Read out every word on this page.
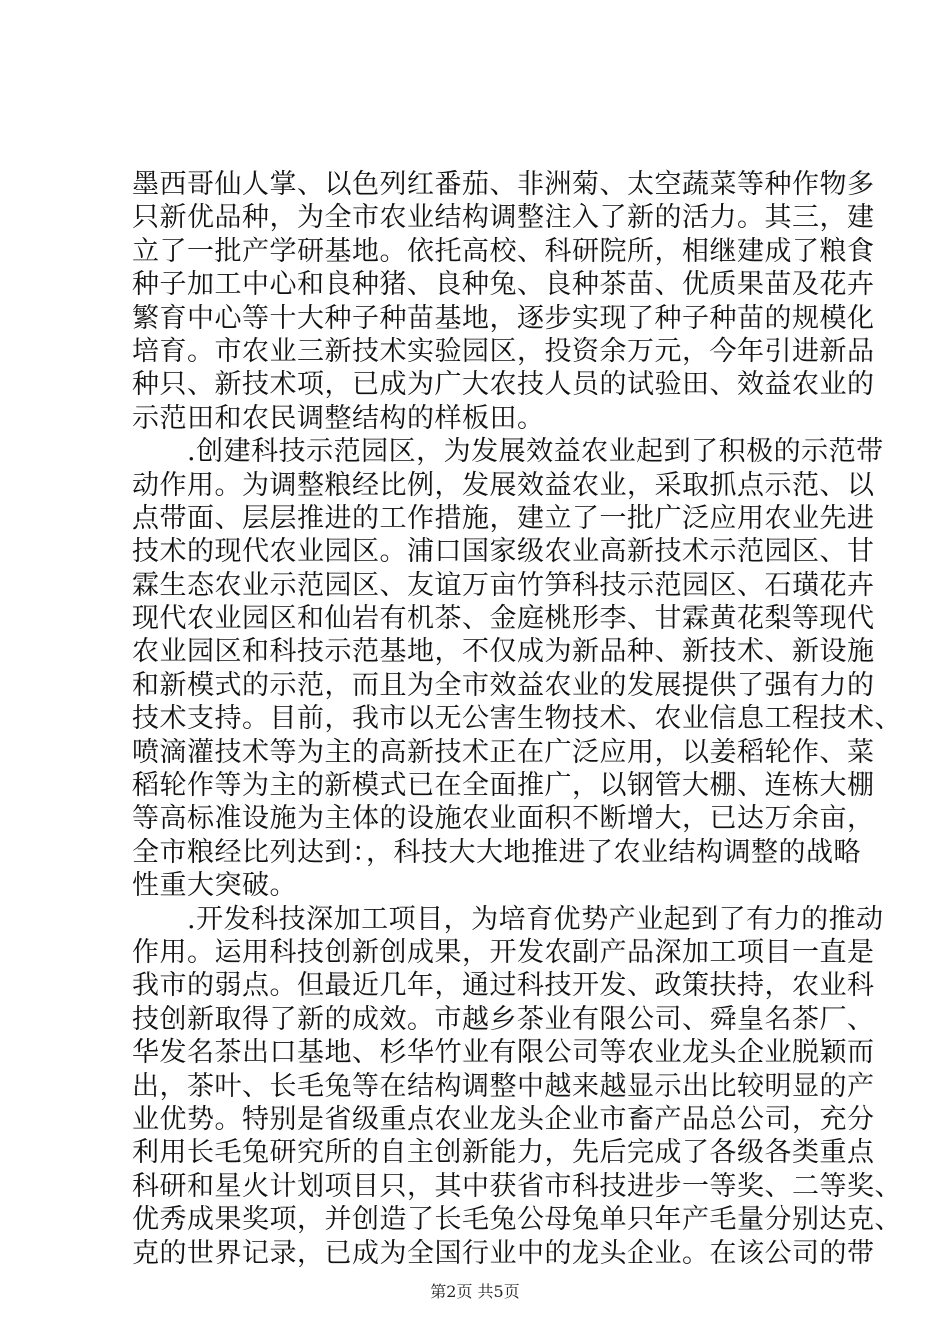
墨西哥仙人掌、以色列红番茄、非洲菊、太空蔬菜等种作物多
只新优品种，为全市农业结构调整注入了新的活力。其三，建
立了一批产学研基地。依托高校、科研院所，相继建成了粮食
种子加工中心和良种猪、良种兔、良种茶苗、优质果苗及花卉
繁育中心等十大种子种苗基地，逐步实现了种子种苗的规模化
培育。市农业三新技术实验园区，投资余万元，今年引进新品
种只、新技术项，已成为广大农技人员的试验田、效益农业的
示范田和农民调整结构的样板田。
　　.创建科技示范园区，为发展效益农业起到了积极的示范带
动作用。为调整粮经比例，发展效益农业，采取抓点示范、以
点带面、层层推进的工作措施，建立了一批广泛应用农业先进
技术的现代农业园区。浦口国家级农业高新技术示范园区、甘
霖生态农业示范园区、友谊万亩竹笋科技示范园区、石璜花卉
现代农业园区和仙岩有机茶、金庭桃形李、甘霖黄花梨等现代
农业园区和科技示范基地，不仅成为新品种、新技术、新设施
和新模式的示范，而且为全市效益农业的发展提供了强有力的
技术支持。目前，我市以无公害生物技术、农业信息工程技术、
喷滴灌技术等为主的高新技术正在广泛应用，以姜稻轮作、菜
稻轮作等为主的新模式已在全面推广，以钢管大棚、连栋大棚
等高标准设施为主体的设施农业面积不断增大，已达万余亩，
全市粮经比列达到：，科技大大地推进了农业结构调整的战略
性重大突破。
　　.开发科技深加工项目，为培育优势产业起到了有力的推动
作用。运用科技创新创成果，开发农副产品深加工项目一直是
我市的弱点。但最近几年，通过科技开发、政策扶持，农业科
技创新取得了新的成效。市越乡茶业有限公司、舜皇名茶厂、
华发名茶出口基地、杉华竹业有限公司等农业龙头企业脱颖而
出，茶叶、长毛兔等在结构调整中越来越显示出比较明显的产
业优势。特别是省级重点农业龙头企业市畜产品总公司，充分
利用长毛兔研究所的自主创新能力，先后完成了各级各类重点
科研和星火计划项目只，其中获省市科技进步一等奖、二等奖、
优秀成果奖项，并创造了长毛兔公母兔单只年产毛量分别达克、
克的世界记录，已成为全国行业中的龙头企业。在该公司的带
第2页 共5页
